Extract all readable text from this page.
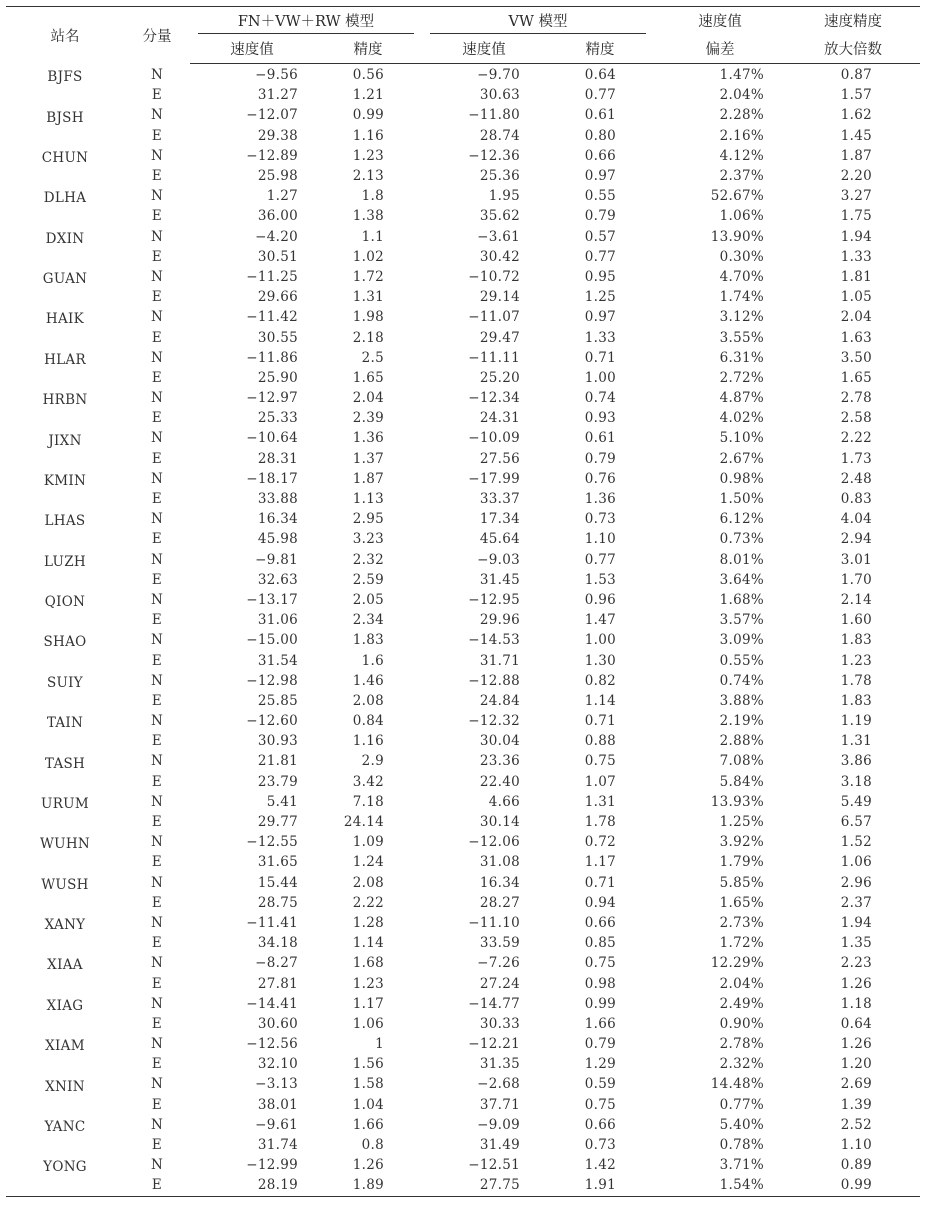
站名	分量	FN＋VW＋RW 模型		VW 模型		速度值	速度精度
		速度值	精度	速度值	精度	偏差	放大倍数
BJFS	N	−9.56	0.56	−9.70	0.64	1.47%	0.87
	E	31.27	1.21	30.63	0.77	2.04%	1.57
BJSH	N	−12.07	0.99	−11.80	0.61	2.28%	1.62
	E	29.38	1.16	28.74	0.80	2.16%	1.45
CHUN	N	−12.89	1.23	−12.36	0.66	4.12%	1.87
	E	25.98	2.13	25.36	0.97	2.37%	2.20
DLHA	N	1.27	1.8	1.95	0.55	52.67%	3.27
	E	36.00	1.38	35.62	0.79	1.06%	1.75
DXIN	N	−4.20	1.1	−3.61	0.57	13.90%	1.94
	E	30.51	1.02	30.42	0.77	0.30%	1.33
GUAN	N	−11.25	1.72	−10.72	0.95	4.70%	1.81
	E	29.66	1.31	29.14	1.25	1.74%	1.05
HAIK	N	−11.42	1.98	−11.07	0.97	3.12%	2.04
	E	30.55	2.18	29.47	1.33	3.55%	1.63
HLAR	N	−11.86	2.5	−11.11	0.71	6.31%	3.50
	E	25.90	1.65	25.20	1.00	2.72%	1.65
HRBN	N	−12.97	2.04	−12.34	0.74	4.87%	2.78
	E	25.33	2.39	24.31	0.93	4.02%	2.58
JIXN	N	−10.64	1.36	−10.09	0.61	5.10%	2.22
	E	28.31	1.37	27.56	0.79	2.67%	1.73
KMIN	N	−18.17	1.87	−17.99	0.76	0.98%	2.48
	E	33.88	1.13	33.37	1.36	1.50%	0.83
LHAS	N	16.34	2.95	17.34	0.73	6.12%	4.04
	E	45.98	3.23	45.64	1.10	0.73%	2.94
LUZH	N	−9.81	2.32	−9.03	0.77	8.01%	3.01
	E	32.63	2.59	31.45	1.53	3.64%	1.70
QION	N	−13.17	2.05	−12.95	0.96	1.68%	2.14
	E	31.06	2.34	29.96	1.47	3.57%	1.60
SHAO	N	−15.00	1.83	−14.53	1.00	3.09%	1.83
	E	31.54	1.6	31.71	1.30	0.55%	1.23
SUIY	N	−12.98	1.46	−12.88	0.82	0.74%	1.78
	E	25.85	2.08	24.84	1.14	3.88%	1.83
TAIN	N	−12.60	0.84	−12.32	0.71	2.19%	1.19
	E	30.93	1.16	30.04	0.88	2.88%	1.31
TASH	N	21.81	2.9	23.36	0.75	7.08%	3.86
	E	23.79	3.42	22.40	1.07	5.84%	3.18
URUM	N	5.41	7.18	4.66	1.31	13.93%	5.49
	E	29.77	24.14	30.14	1.78	1.25%	6.57
WUHN	N	−12.55	1.09	−12.06	0.72	3.92%	1.52
	E	31.65	1.24	31.08	1.17	1.79%	1.06
WUSH	N	15.44	2.08	16.34	0.71	5.85%	2.96
	E	28.75	2.22	28.27	0.94	1.65%	2.37
XANY	N	−11.41	1.28	−11.10	0.66	2.73%	1.94
	E	34.18	1.14	33.59	0.85	1.72%	1.35
XIAA	N	−8.27	1.68	−7.26	0.75	12.29%	2.23
	E	27.81	1.23	27.24	0.98	2.04%	1.26
XIAG	N	−14.41	1.17	−14.77	0.99	2.49%	1.18
	E	30.60	1.06	30.33	1.66	0.90%	0.64
XIAM	N	−12.56	1	−12.21	0.79	2.78%	1.26
	E	32.10	1.56	31.35	1.29	2.32%	1.20
XNIN	N	−3.13	1.58	−2.68	0.59	14.48%	2.69
	E	38.01	1.04	37.71	0.75	0.77%	1.39
YANC	N	−9.61	1.66	−9.09	0.66	5.40%	2.52
	E	31.74	0.8	31.49	0.73	0.78%	1.10
YONG	N	−12.99	1.26	−12.51	1.42	3.71%	0.89
	E	28.19	1.89	27.75	1.91	1.54%	0.99
